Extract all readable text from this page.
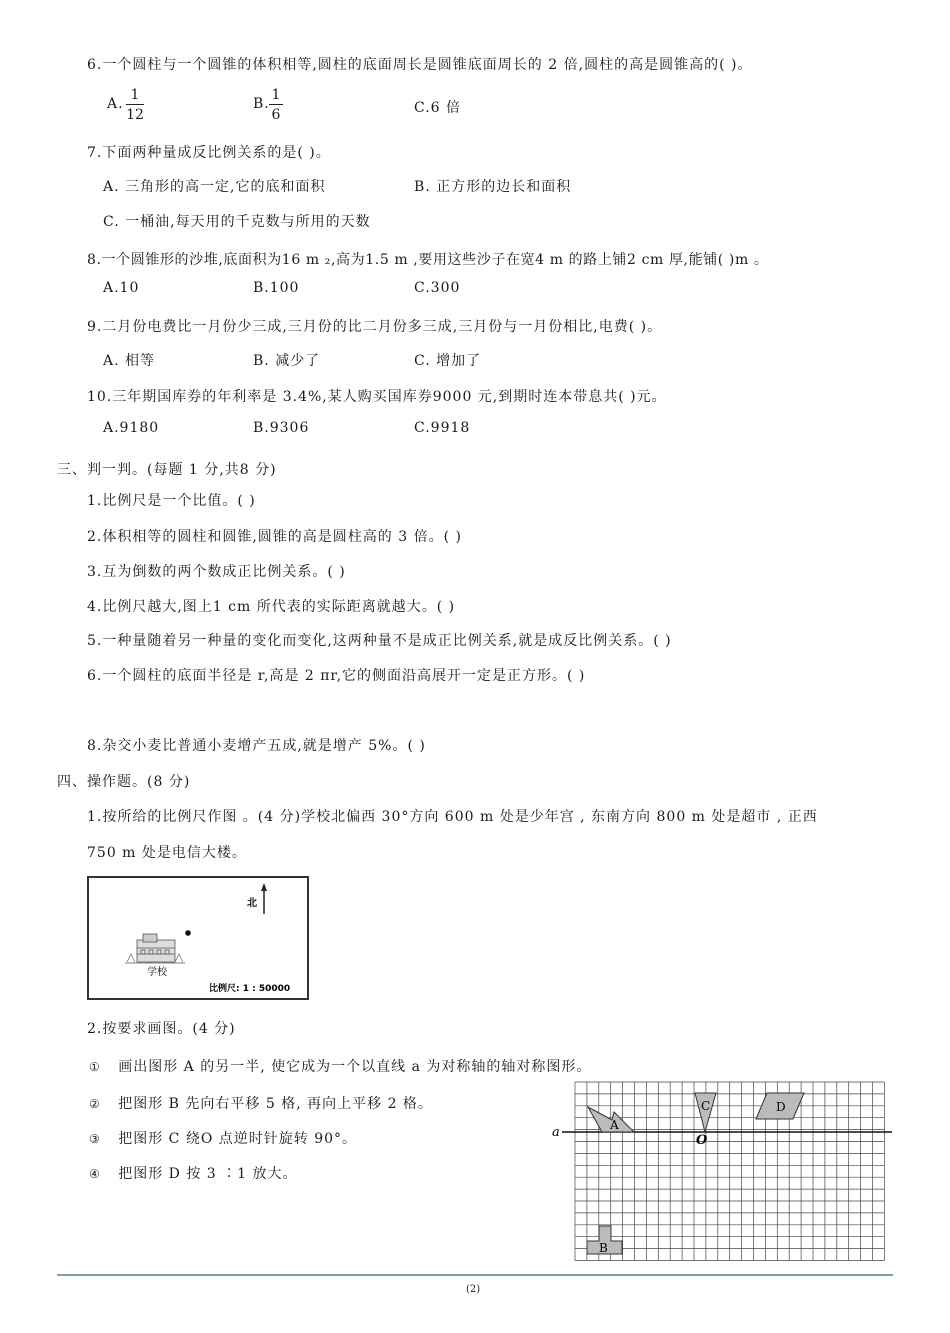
6.一个圆柱与一个圆锥的体积相等,圆柱的底面周长是圆锥底面周长的 2 倍,圆柱的高是圆锥高的( )。
A.
1
12
B.
1
6	C.6 倍
7.下面两种量成反比例关系的是( )。
A. 三角形的高一定,它的底和面积	B. 正方形的边长和面积
C. 一桶油,每天用的千克数与所用的天数
8.一个圆锥形的沙堆,底面积为16 m ₂,高为1.5 m ,要用这些沙子在宽4 m 的路上铺2 cm 厚,能铺( )m 。
A.10	B.100	C.300
9.二月份电费比一月份少三成,三月份的比二月份多三成,三月份与一月份相比,电费( )。
A. 相等	B. 减少了	C. 增加了
10.三年期国库券的年利率是 3.4%,某人购买国库券9000 元,到期时连本带息共( )元。
A.9180	B.9306	C.9918
三、判一判。(每题 1 分,共8 分)
1.比例尺是一个比值。( )
2.体积相等的圆柱和圆锥,圆锥的高是圆柱高的 3 倍。( )
3.互为倒数的两个数成正比例关系。( )
4.比例尺越大,图上1 cm 所代表的实际距离就越大。( )
5.一种量随着另一种量的变化而变化,这两种量不是成正比例关系,就是成反比例关系。( )
6.一个圆柱的底面半径是 r,高是 2 πr,它的侧面沿高展开一定是正方形。( )
8.杂交小麦比普通小麦增产五成,就是增产 5%。( )
四、操作题。(8 分)
1.按所给的比例尺作图 。(4 分)学校北偏西 30°方向 600 m 处是少年宫 , 东南方向 800 m 处是超市 , 正西
750 m 处是电信大楼。
北
学校
比例尺: 1 : 50000
2.按要求画图。(4 分)
① 画出图形 A 的另一半, 使它成为一个以直线 a 为对称轴的轴对称图形。
② 把图形 B 先向右平移 5 格, 再向上平移 2 格。
③ 把图形 C 绕O 点逆时针旋转 90°。
④ 把图形 D 按 3 ∶1 放大。
a	A
C
O
D
B
(2)
